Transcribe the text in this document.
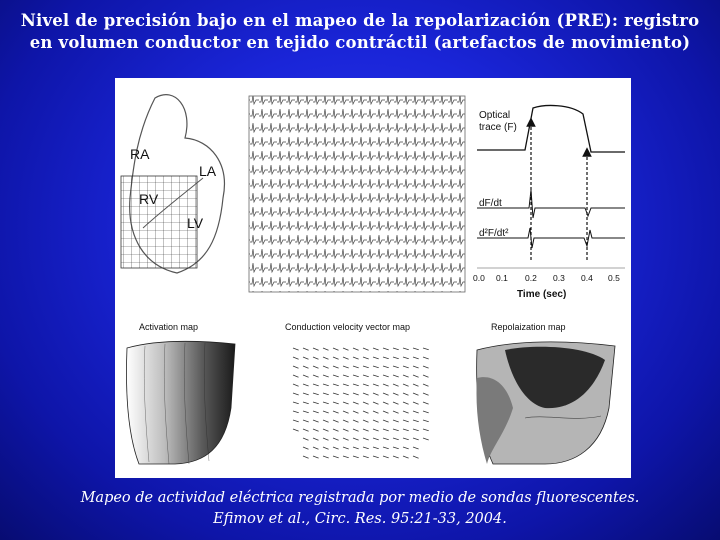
Nivel de precisión bajo en el mapeo de la repolarización (PRE): registro
en volumen conductor en tejido contráctil (artefactos de movimiento)
RA
LA
RV
LV
Optical
trace (F)
dF/dt
d²F/dt²
0.0 0.1 0.2 0.3 0.4 0.5
Time (sec)
Activation map	Conduction velocity vector map	Repolaization map
Mapeo de actividad eléctrica registrada por medio de sondas fluorescentes.
Efimov et al., Circ. Res. 95:21-33, 2004.
